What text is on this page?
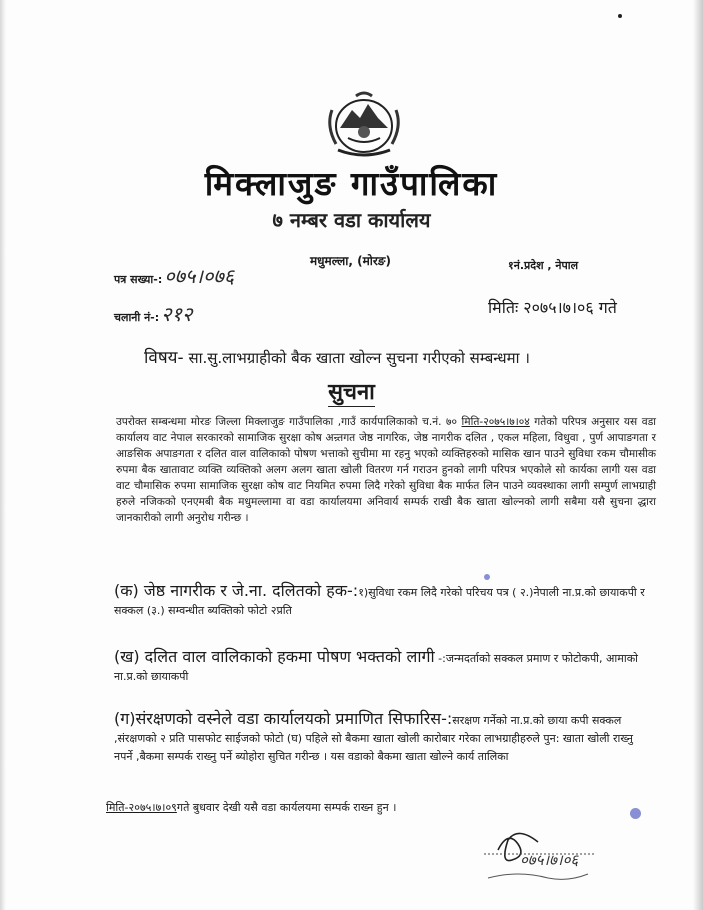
मिक्लाजुङ गाउँपालिका
७ नम्बर वडा कार्यालय
मधुमल्ला, (मोरङ)	१नं.प्रदेश , नेपाल
पत्र सख्या-: ०७५।०७६
चलानी नं-: २१२	मितिः २०७५।७।०६ गते
विषय- सा.सु.लाभग्राहीको बैक खाता खोल्न सुचना गरीएको सम्बन्धमा ।
सुचना
उपरोक्त सम्बन्धमा मोरङ जिल्ला मिक्लाजुङ गाउँपालिका ,गाउँ कार्यपालिकाको च.नं. ७० मिति-२०७५।७।०४ गतेको परिपत्र अनुसार यस वडा कार्यालय वाट नेपाल सरकारको सामाजिक सुरक्षा कोष अन्र्तगत जेष्ठ नागरिक, जेष्ठ नागरीक दलित , एकल महिला, विधुवा , पुर्ण आपाङगता र आङसिक अपाङगता र दलित वाल वालिकाको पोषण भत्ताको सुचीमा मा रहनु भएको व्यक्तिहरुको मासिक खान पाउने सुविधा रकम चौमासीक रुपमा बैक खातावाट व्यक्ति व्यक्तिको अलग अलग खाता खोली वितरण गर्न गराउन हुनको लागी परिपत्र भएकोले सो कार्यका लागी यस वडा वाट चौमासिक रुपमा सामाजिक सुरक्षा कोष वाट नियमित रुपमा लिदै गरेको सुविधा बैक मार्फत लिन पाउने व्यवस्थाका लागी सम्पुर्ण लाभग्राही हरुले नजिकको एनएमबी बैक मधुमल्लामा वा वडा कार्यालयमा अनिवार्य सम्पर्क राखी बैक खाता खोल्नको लागी सबैमा यसै सुचना द्धारा जानकारीको लागी अनुरोध गरीन्छ ।
(क) जेष्ठ नागरीक र जे.ना. दलितको हक-:१)सुविधा रकम लिदै गरेको परिचय पत्र ( २.)नेपाली ना.प्र.को छायाकपी र सक्कल (३.) सम्वन्धीत ब्यक्तिको फोटो २प्रति
(ख) दलित वाल वालिकाको हकमा पोषण भक्तको लागी -:जन्मदर्ताको सक्कल प्रमाण र फोटोकपी, आमाको ना.प्र.को छायाकपी
(ग)संरक्षणको वस्नेले वडा कार्यालयको प्रमाणित सिफारिस-:सरक्षण गर्नेको ना.प्र.को छाया कपी सक्कल ,संरक्षणको २ प्रति पासफोट साईजको फोटो (घ) पहिले सो बैकमा खाता खोली कारोबार गरेका लाभग्राहीहरुले पुन: खाता खोली राख्नु नपर्ने ,बैकमा सम्पर्क राख्नु पर्ने ब्योहोरा सुचित गरीन्छ । यस वडाको बैकमा खाता खोल्ने कार्य तालिका
मिति-२०७५।७।०९गते बुधवार देखी यसै वडा कार्यलयमा सम्पर्क राख्न हुन ।
०७५।७।०६
